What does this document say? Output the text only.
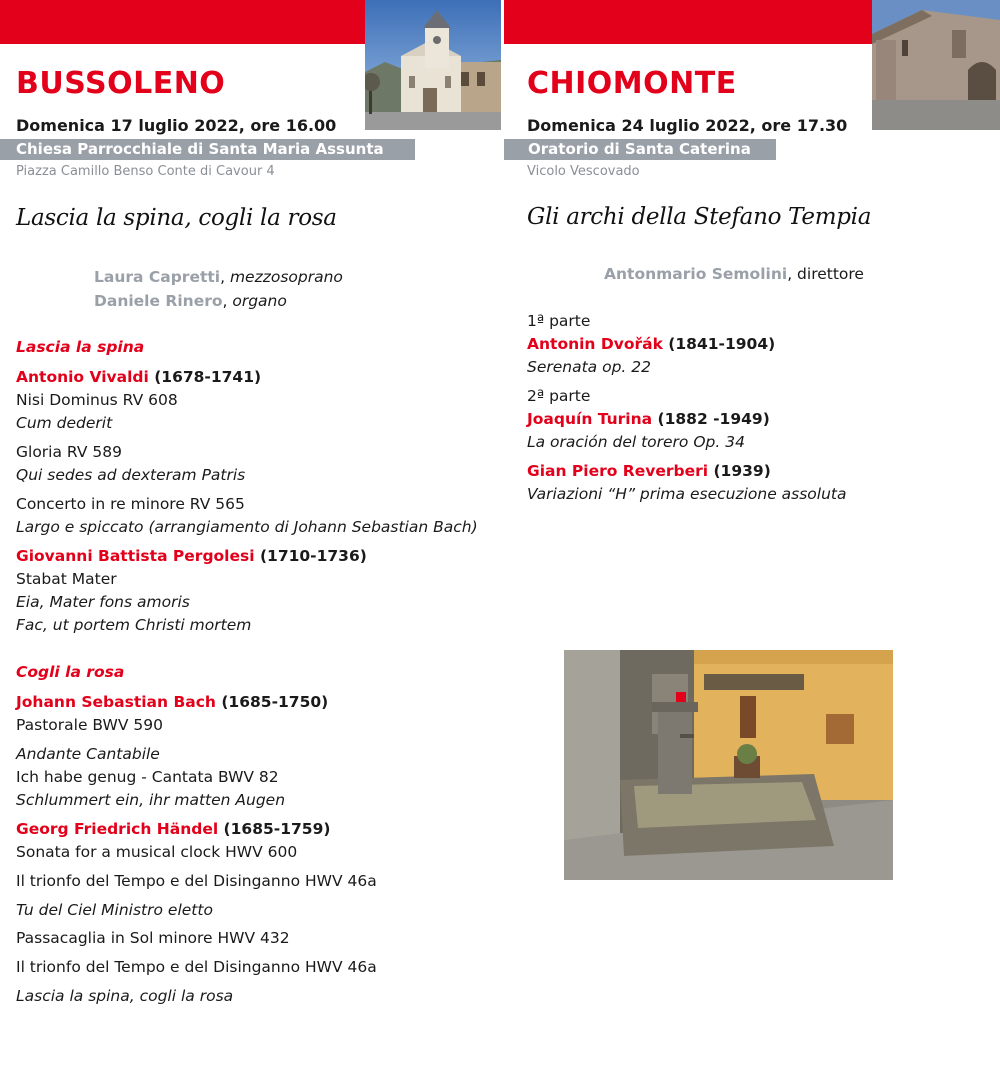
BUSSOLENO
Domenica 17 luglio 2022, ore 16.00
Chiesa Parrocchiale di Santa Maria Assunta
Piazza Camillo Benso Conte di Cavour 4
Lascia la spina, cogli la rosa
Laura Capretti, mezzosoprano
Daniele Rinero, organo
Lascia la spina
Antonio Vivaldi (1678-1741)
Nisi Dominus RV 608
Cum dederit
Gloria RV 589
Qui sedes ad dexteram Patris
Concerto in re minore RV 565
Largo e spiccato (arrangiamento di Johann Sebastian Bach)
Giovanni Battista Pergolesi (1710-1736)
Stabat Mater
Eia, Mater fons amoris
Fac, ut portem Christi mortem
Cogli la rosa
Johann Sebastian Bach (1685-1750)
Pastorale BWV 590
Andante Cantabile
Ich habe genug - Cantata BWV 82
Schlummert ein, ihr matten Augen
Georg Friedrich Händel (1685-1759)
Sonata for a musical clock HWV 600
Il trionfo del Tempo e del Disinganno HWV 46a
Tu del Ciel Ministro eletto
Passacaglia in Sol minore HWV 432
Il trionfo del Tempo e del Disinganno HWV 46a
Lascia la spina, cogli la rosa
CHIOMONTE
Domenica 24 luglio 2022, ore 17.30
Oratorio di Santa Caterina
Vicolo Vescovado
Gli archi della Stefano Tempia
Antonmario Semolini, direttore
1ª parte
Antonin Dvořák (1841-1904)
Serenata op. 22
2ª parte
Joaquín Turina (1882 -1949)
La oración del torero Op. 34
Gian Piero Reverberi (1939)
Variazioni “H” prima esecuzione assoluta
